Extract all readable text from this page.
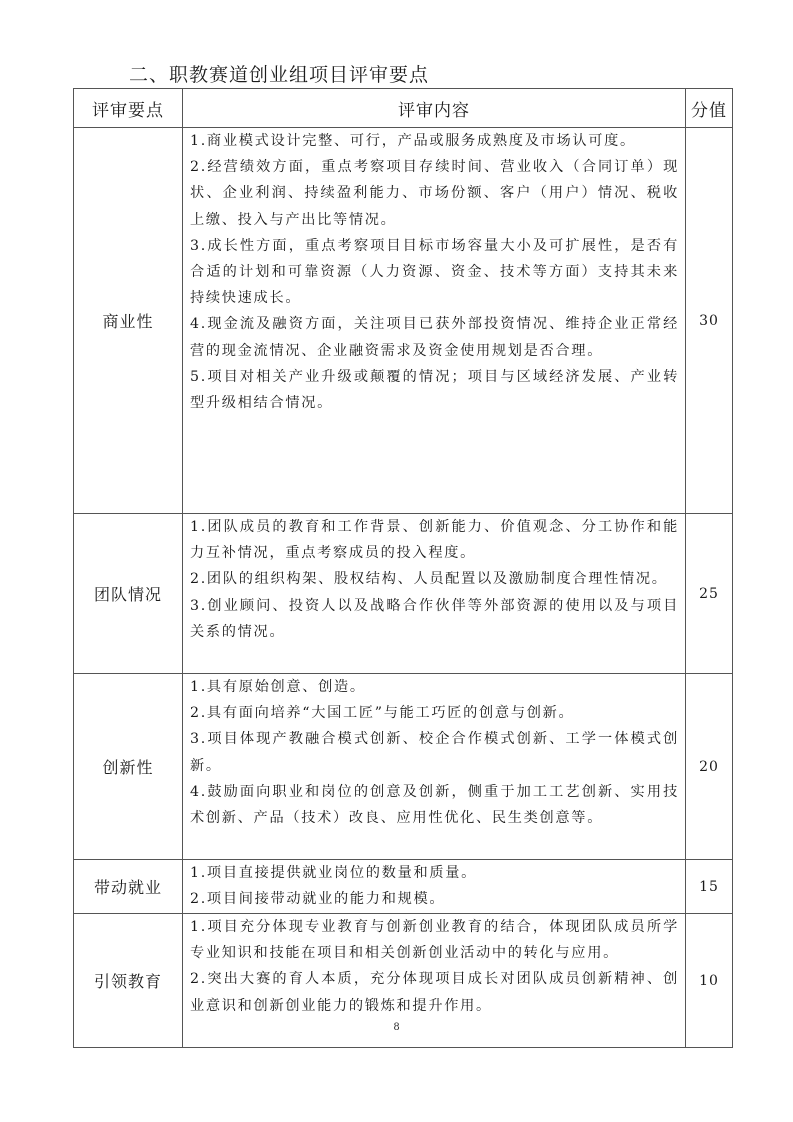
二、职教赛道创业组项目评审要点
评审要点	评审内容	分值
商业性	1.商业模式设计完整、可行，产品或服务成熟度及市场认可度。
2.经营绩效方面，重点考察项目存续时间、营业收入（合同订单）现状、企业利润、持续盈利能力、市场份额、客户（用户）情况、税收上缴、投入与产出比等情况。
3.成长性方面，重点考察项目目标市场容量大小及可扩展性，是否有合适的计划和可靠资源（人力资源、资金、技术等方面）支持其未来持续快速成长。
4.现金流及融资方面，关注项目已获外部投资情况、维持企业正常经营的现金流情况、企业融资需求及资金使用规划是否合理。
5.项目对相关产业升级或颠覆的情况；项目与区域经济发展、产业转型升级相结合情况。	30
团队情况	1.团队成员的教育和工作背景、创新能力、价值观念、分工协作和能力互补情况，重点考察成员的投入程度。
2.团队的组织构架、股权结构、人员配置以及激励制度合理性情况。
3.创业顾问、投资人以及战略合作伙伴等外部资源的使用以及与项目关系的情况。	25
创新性	1.具有原始创意、创造。
2.具有面向培养“大国工匠”与能工巧匠的创意与创新。
3.项目体现产教融合模式创新、校企合作模式创新、工学一体模式创新。
4.鼓励面向职业和岗位的创意及创新，侧重于加工工艺创新、实用技术创新、产品（技术）改良、应用性优化、民生类创意等。	20
带动就业	1.项目直接提供就业岗位的数量和质量。
2.项目间接带动就业的能力和规模。	15
引领教育	1.项目充分体现专业教育与创新创业教育的结合，体现团队成员所学专业知识和技能在项目和相关创新创业活动中的转化与应用。
2.突出大赛的育人本质，充分体现项目成长对团队成员创新精神、创业意识和创新创业能力的锻炼和提升作用。	10
8
